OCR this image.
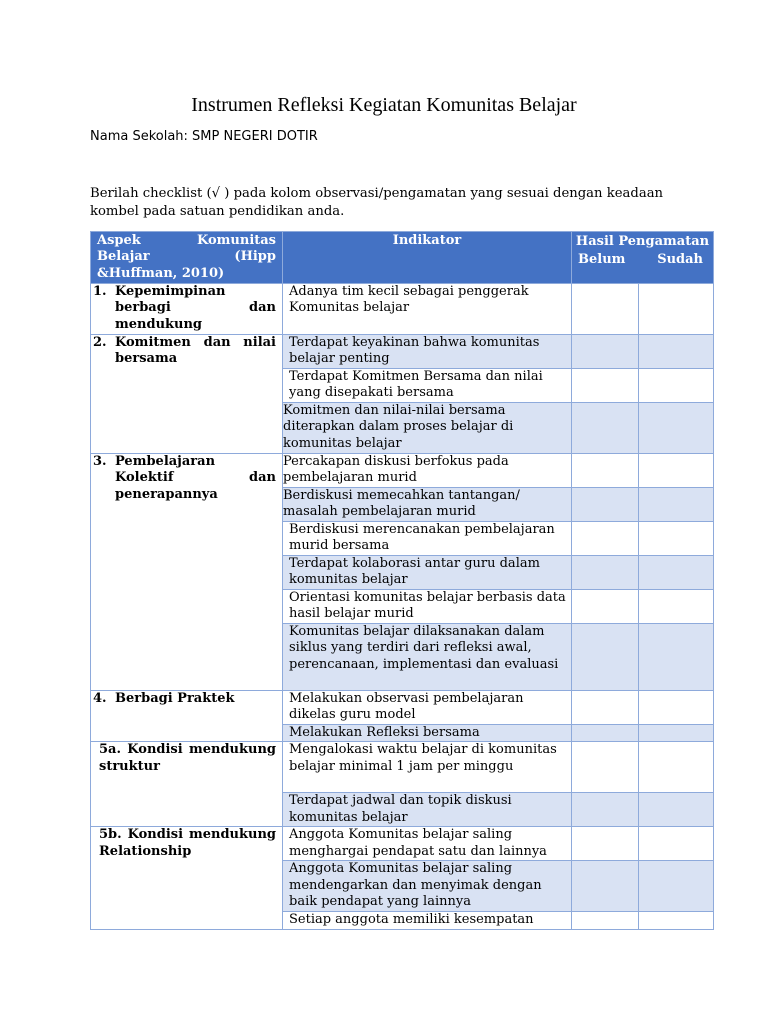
Instrumen Refleksi Kegiatan Komunitas Belajar
Nama Sekolah: SMP NEGERI DOTIR
Berilah checklist (√ ) pada kolom observasi/pengamatan yang sesuai dengan keadaan kombel pada satuan pendidikan anda.
Aspek Komunitas Belajar (Hipp &Huffman, 2010)	Indikator	Hasil Pengamatan
Belum Sudah	

1. Kepemimpinan berbagi dan mendukung	Adanya tim kecil sebagai penggerak Komunitas belajar		

2. Komitmen dan nilai bersama	Terdapat keyakinan bahwa komunitas belajar penting		
	Terdapat Komitmen Bersama dan nilai yang disepakati bersama		
	Komitmen dan nilai-nilai bersama diterapkan dalam proses belajar di komunitas belajar		

3. Pembelajaran Kolektif dan penerapannya	Percakapan diskusi berfokus pada pembelajaran murid		
	Berdiskusi memecahkan tantangan/ masalah pembelajaran murid		
	Berdiskusi merencanakan pembelajaran murid bersama		
	Terdapat kolaborasi antar guru dalam komunitas belajar		
	Orientasi komunitas belajar berbasis data hasil belajar murid		
	Komunitas belajar dilaksanakan dalam siklus yang terdiri dari refleksi awal, perencanaan, implementasi dan evaluasi		

4. Berbagi Praktek	Melakukan observasi pembelajaran dikelas guru model		
	Melakukan Refleksi bersama		

5a. Kondisi mendukung struktur	Mengalokasi waktu belajar di komunitas belajar minimal 1 jam per minggu		
	Terdapat jadwal dan topik diskusi komunitas belajar		

5b. Kondisi mendukung Relationship	Anggota Komunitas belajar saling menghargai pendapat satu dan lainnya		
	Anggota Komunitas belajar saling mendengarkan dan menyimak dengan baik pendapat yang lainnya		
	Setiap anggota memiliki kesempatan		
